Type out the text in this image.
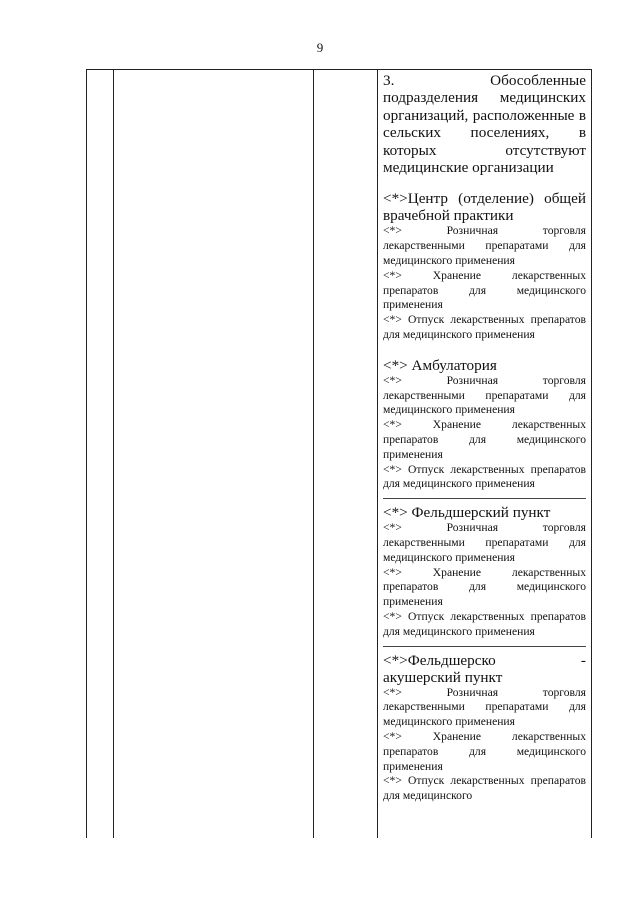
9
3. Обособленные подразделения медицинских организаций, расположенные в сельских поселениях, в которых отсутствуют медицинские организации
<*>Центр (отделение) общей врачебной практики
<*> Розничная торговля лекарственными препаратами для медицинского применения
<*> Хранение лекарственных препаратов для медицинского применения
<*> Отпуск лекарственных препаратов для медицинского применения
<*> Амбулатория
<*> Розничная торговля лекарственными препаратами для медицинского применения
<*> Хранение лекарственных препаратов для медицинского применения
<*> Отпуск лекарственных препаратов для медицинского применения
<*> Фельдшерский пункт
<*> Розничная торговля лекарственными препаратами для медицинского применения
<*> Хранение лекарственных препаратов для медицинского применения
<*> Отпуск лекарственных препаратов для медицинского применения
<*>Фельдшерско - акушерский пункт
<*> Розничная торговля лекарственными препаратами для медицинского применения
<*> Хранение лекарственных препаратов для медицинского применения
<*> Отпуск лекарственных препаратов для медицинского
